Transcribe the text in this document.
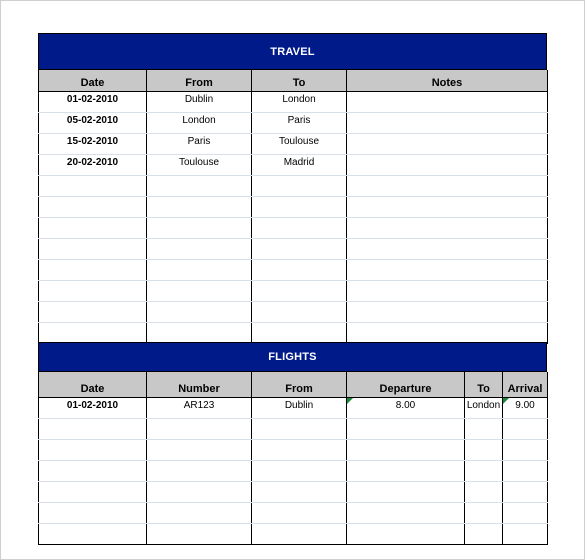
TRAVEL
Date	From	To	Notes
01-02-2010	Dublin	London	
05-02-2010	London	Paris	
15-02-2010	Paris	Toulouse	
20-02-2010	Toulouse	Madrid	

FLIGHTS
Date	Number	From	Departure	To	Arrival
01-02-2010	AR123	Dublin	8.00	London	9.00
